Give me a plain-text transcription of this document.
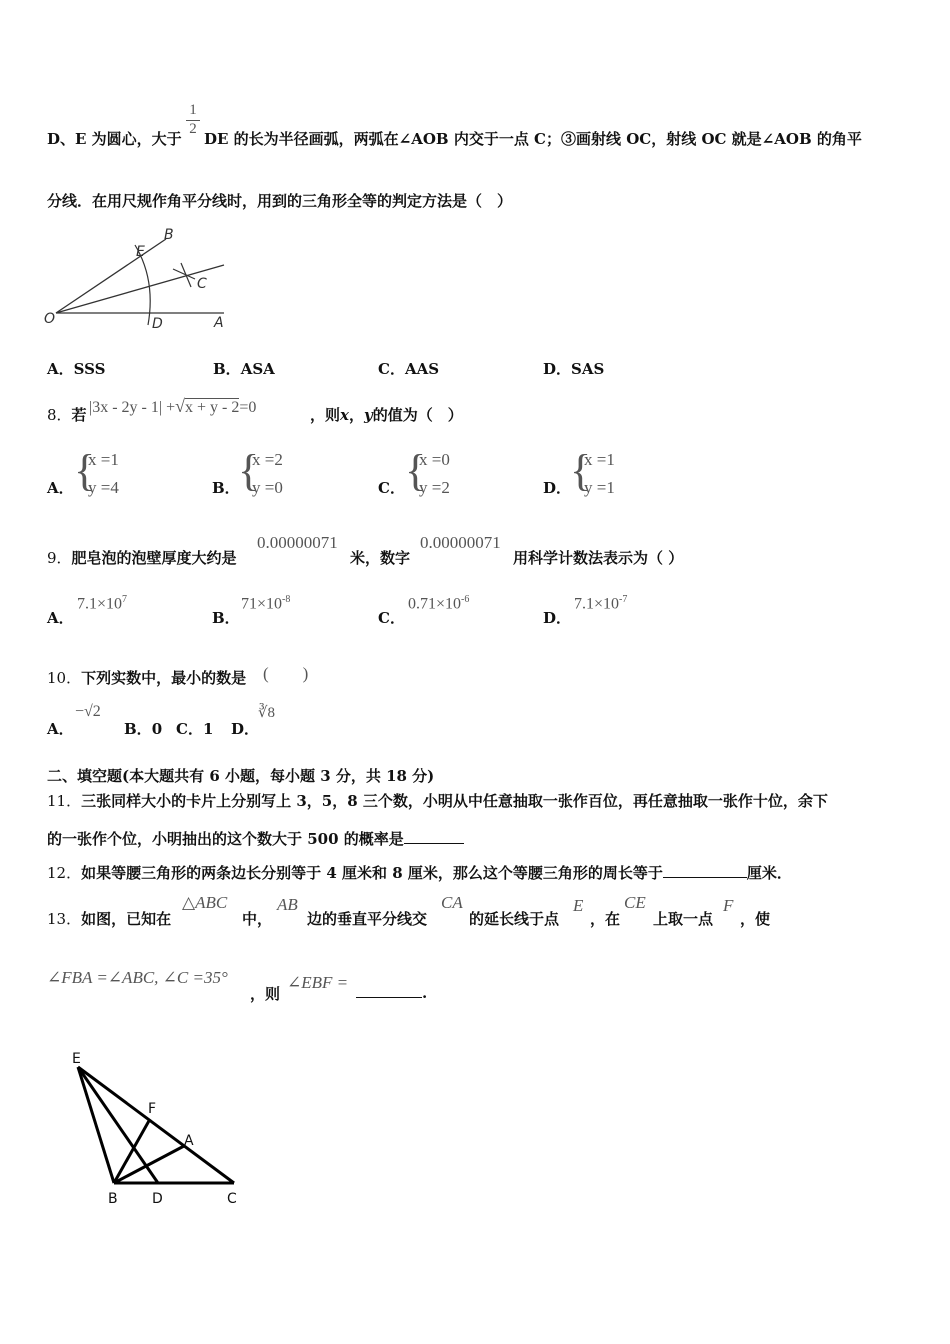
1
2
D、E 为圆心，大于 DE 的长为半径画弧，两弧在∠AOB 内交于一点 C；③画射线 OC，射线 OC 就是∠AOB 的角平
分线．在用尺规作角平分线时，用到的三角形全等的判定方法是（　）
O	A
B
C
D
E
A．SSS	B．ASA	C．AAS	D．SAS
8．若 |3x - 2y - 1| +√x + y - 2=0	，则x，y的值为（　）
A． {
x =1
y =4	B．
{
x =2
y =0	C． {
x =0
y =2	D．
{
x =1
y =1
9．肥皂泡的泡壁厚度大约是
0.00000071
米，数字
0.00000071
用科学计数法表示为（ ）
A．
$7.1\times 10^7$
B．
$71\times 10^{-8}$
C．
$0.71\times 10^{-6}$
D．
$7.1\times 10^{-7}$
10．下列实数中，最小的数是 (　　)
A．
−√2
B．0 C．1 D．
∛8
二、填空题(本大题共有 6 小题，每小题 3 分，共 18 分)
11．三张同样大小的卡片上分别写上 3，5，8 三个数，小明从中任意抽取一张作百位，再任意抽取一张作十位，余下
的一张作个位，小明抽出的这个数大于 500 的概率是
12．如果等腰三角形的两条边长分别等于 4 厘米和 8 厘米，那么这个等腰三角形的周长等于	厘米．
13．如图，已知在
△ABC
中，
AB
边的垂直平分线交
CA
的延长线于点
E
，在
CE
上取一点
F
，使
∠FBA =∠ABC, ∠C =35°
，则
∠EBF =
.
E
F
A
B D	C
